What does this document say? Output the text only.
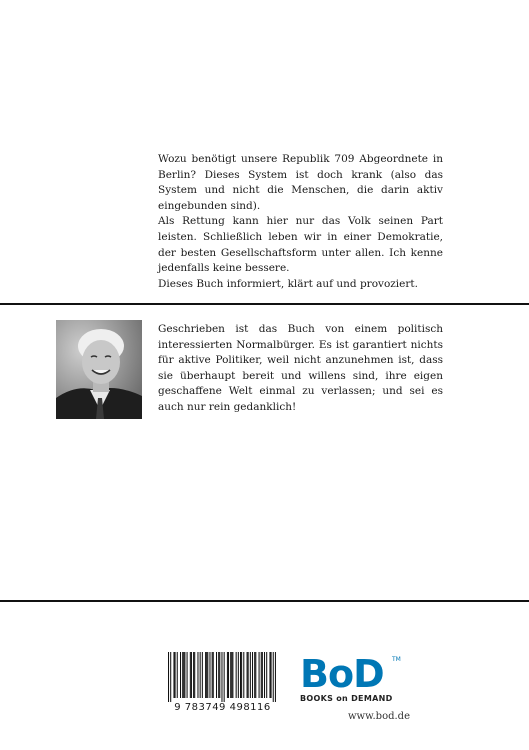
Wozu benötigt unsere Republik 709 Abgeordnete in Berlin? Dieses System ist doch krank (also das System und nicht die Menschen, die darin aktiv eingebunden sind).

Als Rettung kann hier nur das Volk seinen Part leisten. Schließlich leben wir in einer Demokratie, der besten Gesellschaftsform unter allen. Ich kenne jedenfalls keine bessere.

Dieses Buch informiert, klärt auf und provoziert.

Geschrieben ist das Buch von einem politisch interessierten Normalbürger. Es ist garantiert nichts für aktive Politiker, weil nicht anzunehmen ist, dass sie überhaupt bereit und willens sind, ihre eigen geschaffene Welt einmal zu verlassen; und sei es auch nur rein gedanklich!

9 783749 498116
BoD	TM
BOOKS on DEMAND
www.bod.de
